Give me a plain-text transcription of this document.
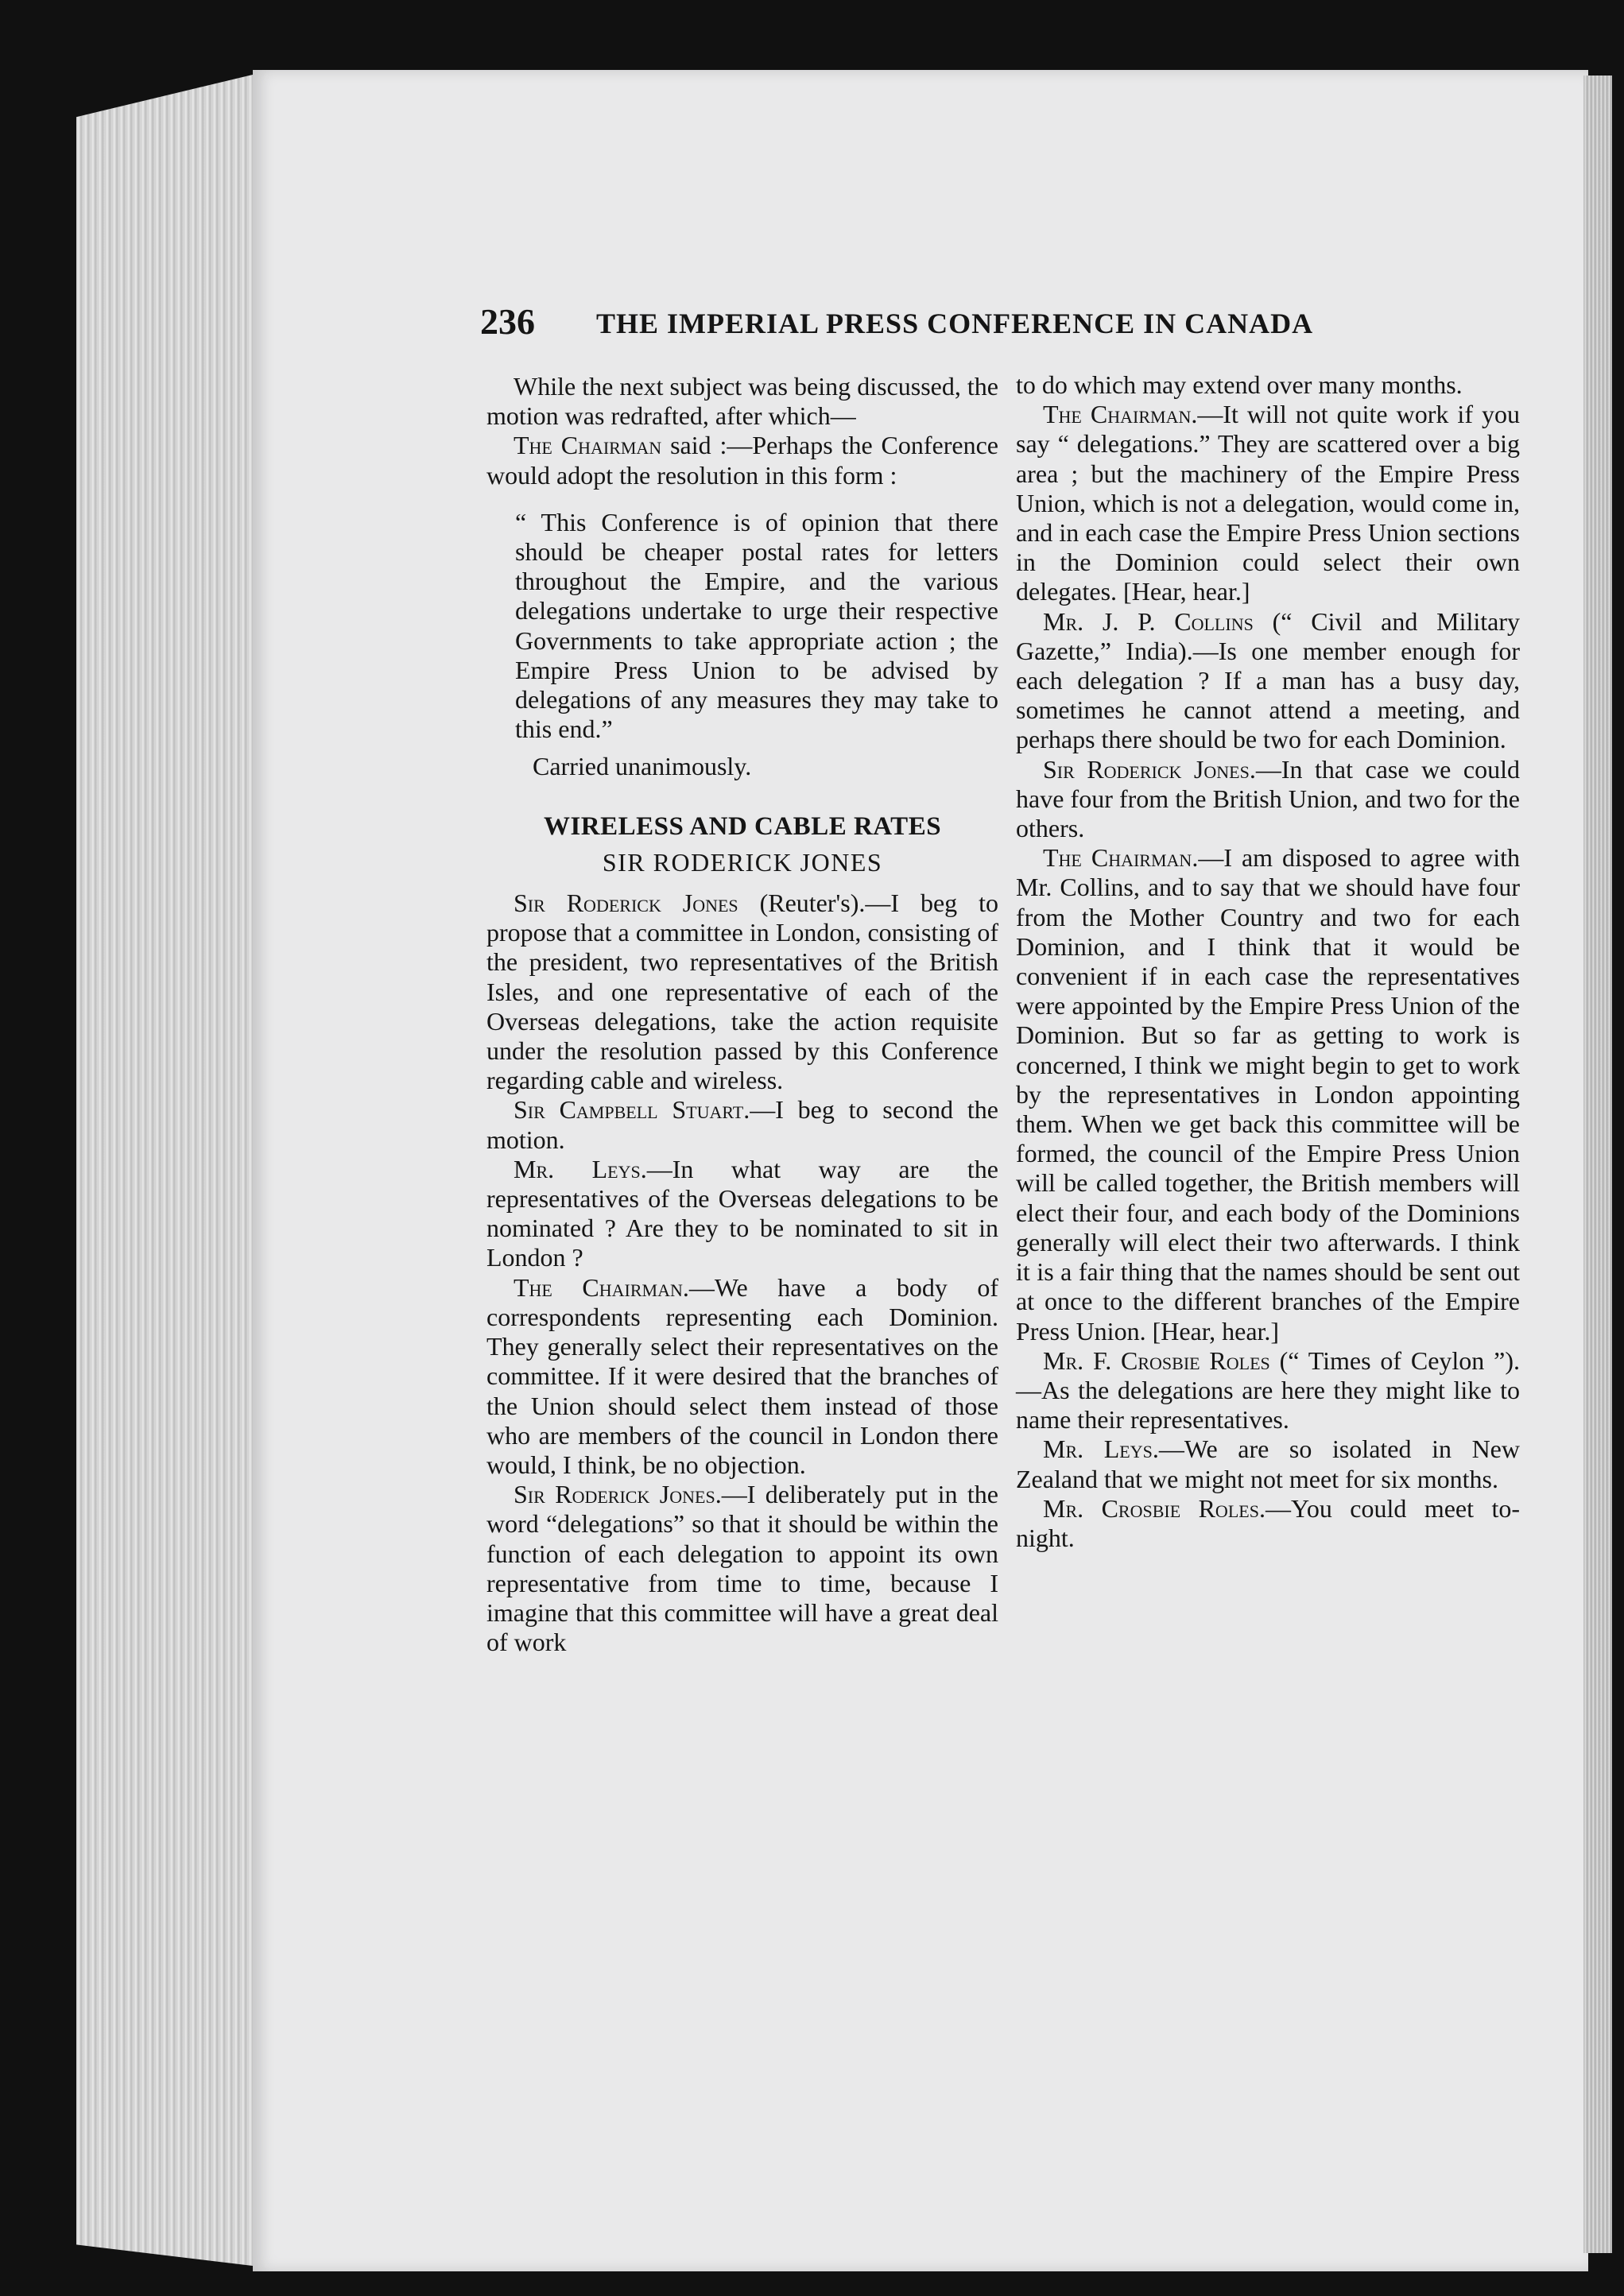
236 THE IMPERIAL PRESS CONFERENCE IN CANADA

While the next subject was being discussed, the motion was redrafted, after which—

The Chairman said :—Perhaps the Conference would adopt the resolution in this form :

“ This Conference is of opinion that there should be cheaper postal rates for letters throughout the Empire, and the various delegations undertake to urge their respective Governments to take appropriate action ; the Empire Press Union to be advised by delegations of any measures they may take to this end.”

Carried unanimously.

WIRELESS AND CABLE RATES

SIR RODERICK JONES

Sir Roderick Jones (Reuter's).—I beg to propose that a committee in London, consisting of the president, two representatives of the British Isles, and one representative of each of the Overseas delegations, take the action requisite under the resolution passed by this Conference regarding cable and wireless.

Sir Campbell Stuart.—I beg to second the motion.

Mr. Leys.—In what way are the representatives of the Overseas delegations to be nominated ? Are they to be nominated to sit in London ?

The Chairman.—We have a body of correspondents representing each Dominion. They generally select their representatives on the committee. If it were desired that the branches of the Union should select them instead of those who are members of the council in London there would, I think, be no objection.

Sir Roderick Jones.—I deliberately put in the word “delegations” so that it should be within the function of each delegation to appoint its own representative from time to time, because I imagine that this committee will have a great deal of work

to do which may extend over many months.

The Chairman.—It will not quite work if you say “ delegations.” They are scattered over a big area ; but the machinery of the Empire Press Union, which is not a delegation, would come in, and in each case the Empire Press Union sections in the Dominion could select their own delegates. [Hear, hear.]

Mr. J. P. Collins (“ Civil and Military Gazette,” India).—Is one member enough for each delegation ? If a man has a busy day, sometimes he cannot attend a meeting, and perhaps there should be two for each Dominion.

Sir Roderick Jones.—In that case we could have four from the British Union, and two for the others.

The Chairman.—I am disposed to agree with Mr. Collins, and to say that we should have four from the Mother Country and two for each Dominion, and I think that it would be convenient if in each case the representatives were appointed by the Empire Press Union of the Dominion. But so far as getting to work is concerned, I think we might begin to get to work by the representatives in London appointing them. When we get back this committee will be formed, the council of the Empire Press Union will be called together, the British members will elect their four, and each body of the Dominions generally will elect their two afterwards. I think it is a fair thing that the names should be sent out at once to the different branches of the Empire Press Union. [Hear, hear.]

Mr. F. Crosbie Roles (“ Times of Ceylon ”).—As the delegations are here they might like to name their representatives.

Mr. Leys.—We are so isolated in New Zealand that we might not meet for six months.

Mr. Crosbie Roles.—You could meet to-night.
